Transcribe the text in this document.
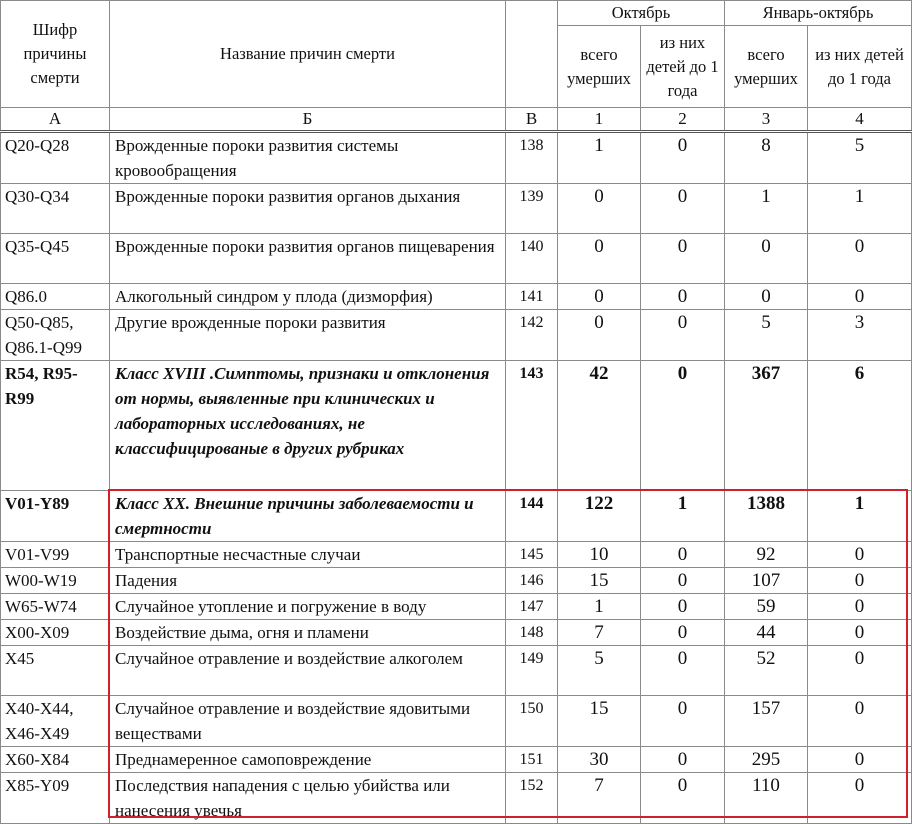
Шифр причины смерти	Название причин смерти		Октябрь		Январь-октябрь	
			всего умерших	из них детей до 1 года	всего умерших	из них детей до 1 года
А	Б	В	1	2	3	4
Q20-Q28	Врожденные пороки развития системы кровообращения	138	1	0	8	5
Q30-Q34	Врожденные пороки развития органов дыхания	139	0	0	1	1
Q35-Q45	Врожденные пороки развития органов пищеварения	140	0	0	0	0
Q86.0	Алкогольный синдром у плода (дизморфия)	141	0	0	0	0
Q50-Q85, Q86.1-Q99	Другие врожденные пороки развития	142	0	0	5	3
R54, R95-R99	Класс XVIII .Симптомы, признаки и отклонения от нормы, выявленные при клинических и лабораторных исследованиях, не классифицированые в других рубриках	143	42	0	367	6
V01-Y89	Класс XX. Внешние причины заболеваемости и смертности	144	122	1	1388	1
V01-V99	Транспортные несчастные случаи	145	10	0	92	0
W00-W19	Падения	146	15	0	107	0
W65-W74	Случайное утопление и погружение в воду	147	1	0	59	0
X00-X09	Воздействие дыма, огня и пламени	148	7	0	44	0
X45	Случайное отравление и воздействие алкоголем	149	5	0	52	0
X40-X44, X46-X49	Случайное отравление и воздействие ядовитыми веществами	150	15	0	157	0
X60-X84	Преднамеренное самоповреждение	151	30	0	295	0
X85-Y09	Последствия нападения с целью убийства или нанесения увечья	152	7	0	110	0
